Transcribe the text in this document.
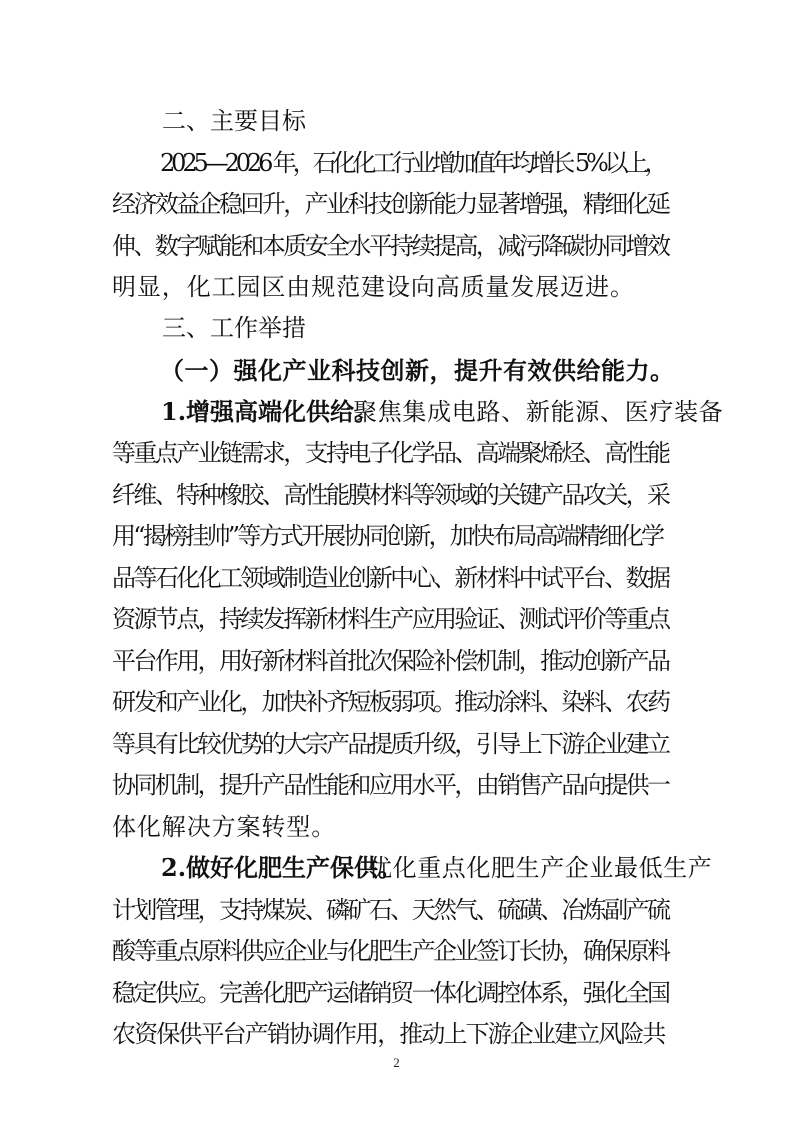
二、主要目标
2025—2026 年，石化化工行业增加值年均增长 5%以上，
经济效益企稳回升，产业科技创新能力显著增强，精细化延
伸、数字赋能和本质安全水平持续提高，减污降碳协同增效
明显，化工园区由规范建设向高质量发展迈进。
三、工作举措
（一）强化产业科技创新，提升有效供给能力。
1.增强高端化供给。
聚焦集成电路、新能源、医疗装备
等重点产业链需求，支持电子化学品、高端聚烯烃、高性能
纤维、特种橡胶、高性能膜材料等领域的关键产品攻关，采
用“揭榜挂帅”等方式开展协同创新，加快布局高端精细化学
品等石化化工领域制造业创新中心、新材料中试平台、数据
资源节点，持续发挥新材料生产应用验证、测试评价等重点
平台作用，用好新材料首批次保险补偿机制，推动创新产品
研发和产业化，加快补齐短板弱项。推动涂料、染料、农药
等具有比较优势的大宗产品提质升级，引导上下游企业建立
协同机制，提升产品性能和应用水平，由销售产品向提供一
体化解决方案转型。
2.做好化肥生产保供。
优化重点化肥生产企业最低生产
计划管理，支持煤炭、磷矿石、天然气、硫磺、冶炼副产硫
酸等重点原料供应企业与化肥生产企业签订长协，确保原料
稳定供应。完善化肥产运储销贸一体化调控体系，强化全国
农资保供平台产销协调作用，推动上下游企业建立风险共
2
